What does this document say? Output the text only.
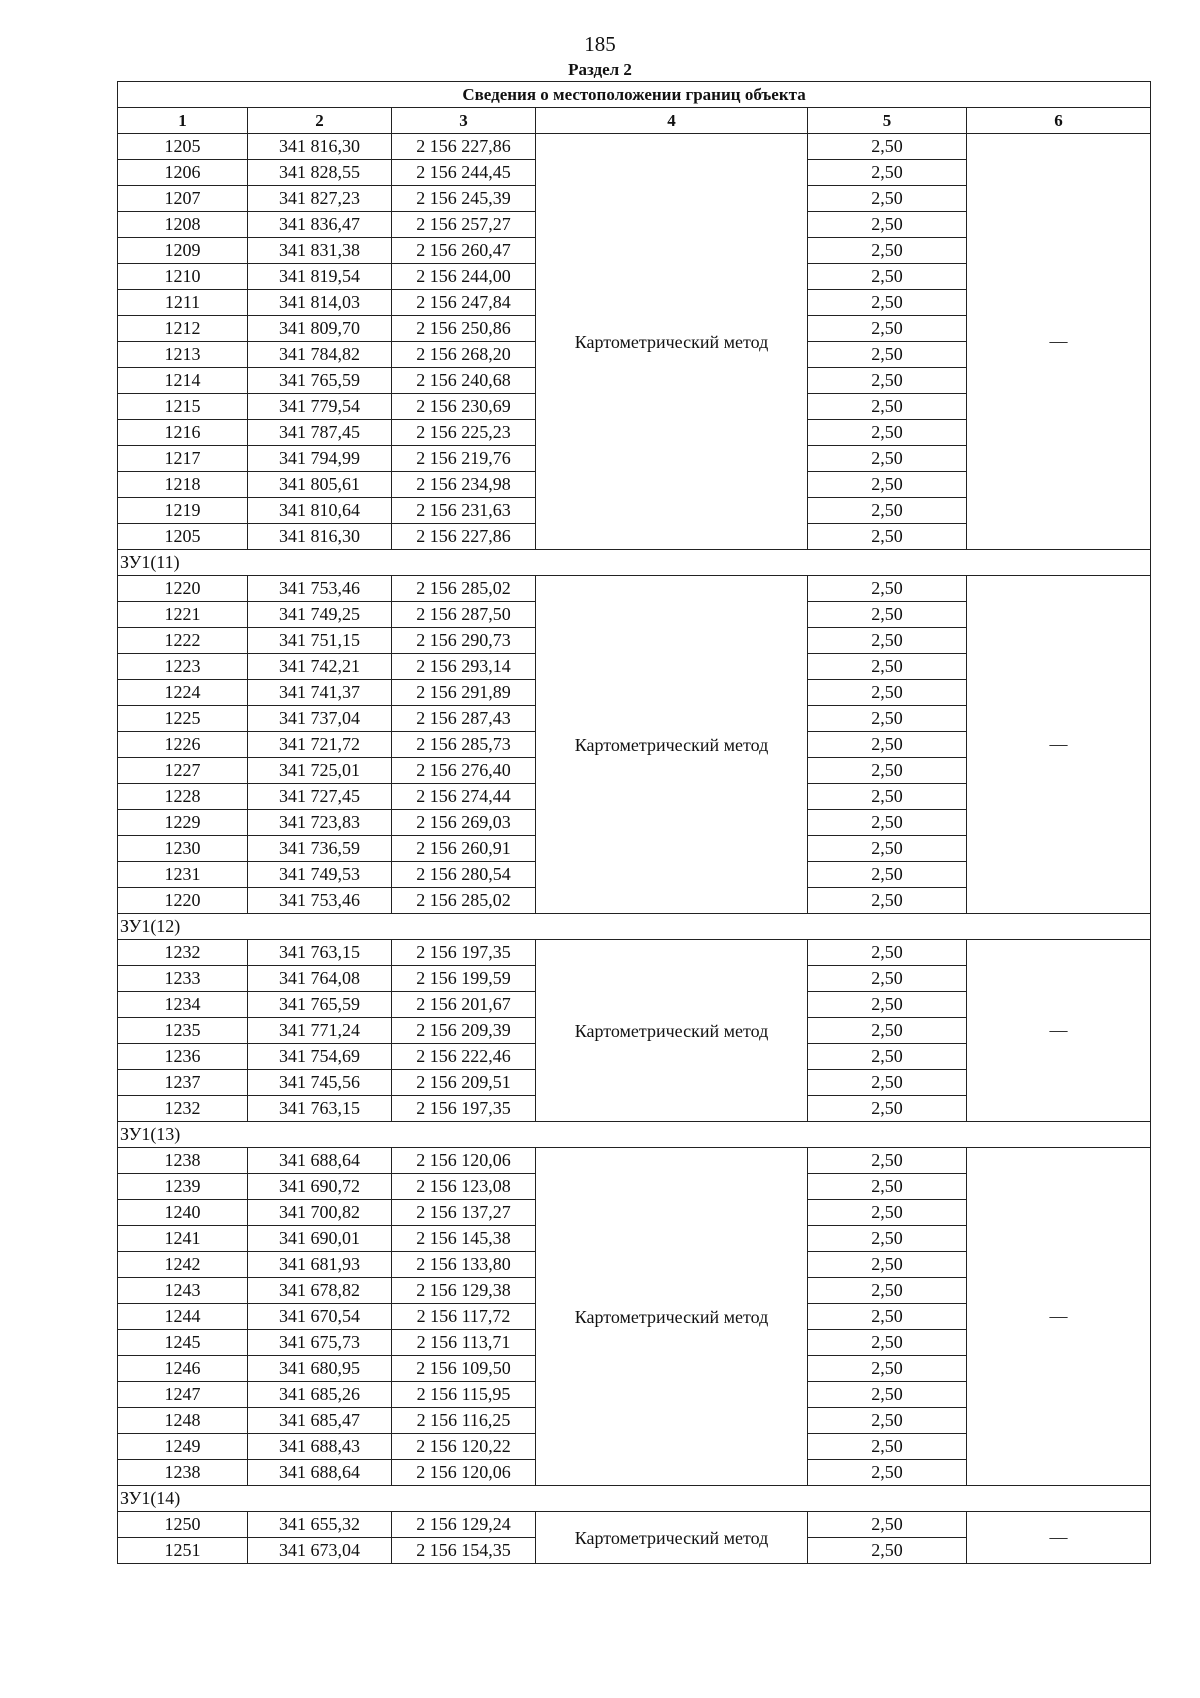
185
Раздел 2
Сведения о местоположении границ объекта					
1	2	3	4	5	6
1205	341 816,30	2 156 227,86	Картометрический метод	2,50	—
1206	341 828,55	2 156 244,45		2,50	
1207	341 827,23	2 156 245,39		2,50	
1208	341 836,47	2 156 257,27		2,50	
1209	341 831,38	2 156 260,47		2,50	
1210	341 819,54	2 156 244,00		2,50	
1211	341 814,03	2 156 247,84		2,50	
1212	341 809,70	2 156 250,86		2,50	
1213	341 784,82	2 156 268,20		2,50	
1214	341 765,59	2 156 240,68		2,50	
1215	341 779,54	2 156 230,69		2,50	
1216	341 787,45	2 156 225,23		2,50	
1217	341 794,99	2 156 219,76		2,50	
1218	341 805,61	2 156 234,98		2,50	
1219	341 810,64	2 156 231,63		2,50	
1205	341 816,30	2 156 227,86		2,50	
ЗУ1(11)					
1220	341 753,46	2 156 285,02	Картометрический метод	2,50	—
1221	341 749,25	2 156 287,50		2,50	
1222	341 751,15	2 156 290,73		2,50	
1223	341 742,21	2 156 293,14		2,50	
1224	341 741,37	2 156 291,89		2,50	
1225	341 737,04	2 156 287,43		2,50	
1226	341 721,72	2 156 285,73		2,50	
1227	341 725,01	2 156 276,40		2,50	
1228	341 727,45	2 156 274,44		2,50	
1229	341 723,83	2 156 269,03		2,50	
1230	341 736,59	2 156 260,91		2,50	
1231	341 749,53	2 156 280,54		2,50	
1220	341 753,46	2 156 285,02		2,50	
ЗУ1(12)					
1232	341 763,15	2 156 197,35	Картометрический метод	2,50	—
1233	341 764,08	2 156 199,59		2,50	
1234	341 765,59	2 156 201,67		2,50	
1235	341 771,24	2 156 209,39		2,50	
1236	341 754,69	2 156 222,46		2,50	
1237	341 745,56	2 156 209,51		2,50	
1232	341 763,15	2 156 197,35		2,50	
ЗУ1(13)					
1238	341 688,64	2 156 120,06	Картометрический метод	2,50	—
1239	341 690,72	2 156 123,08		2,50	
1240	341 700,82	2 156 137,27		2,50	
1241	341 690,01	2 156 145,38		2,50	
1242	341 681,93	2 156 133,80		2,50	
1243	341 678,82	2 156 129,38		2,50	
1244	341 670,54	2 156 117,72		2,50	
1245	341 675,73	2 156 113,71		2,50	
1246	341 680,95	2 156 109,50		2,50	
1247	341 685,26	2 156 115,95		2,50	
1248	341 685,47	2 156 116,25		2,50	
1249	341 688,43	2 156 120,22		2,50	
1238	341 688,64	2 156 120,06		2,50	
ЗУ1(14)					
1250	341 655,32	2 156 129,24	Картометрический метод	2,50	—
1251	341 673,04	2 156 154,35		2,50	
